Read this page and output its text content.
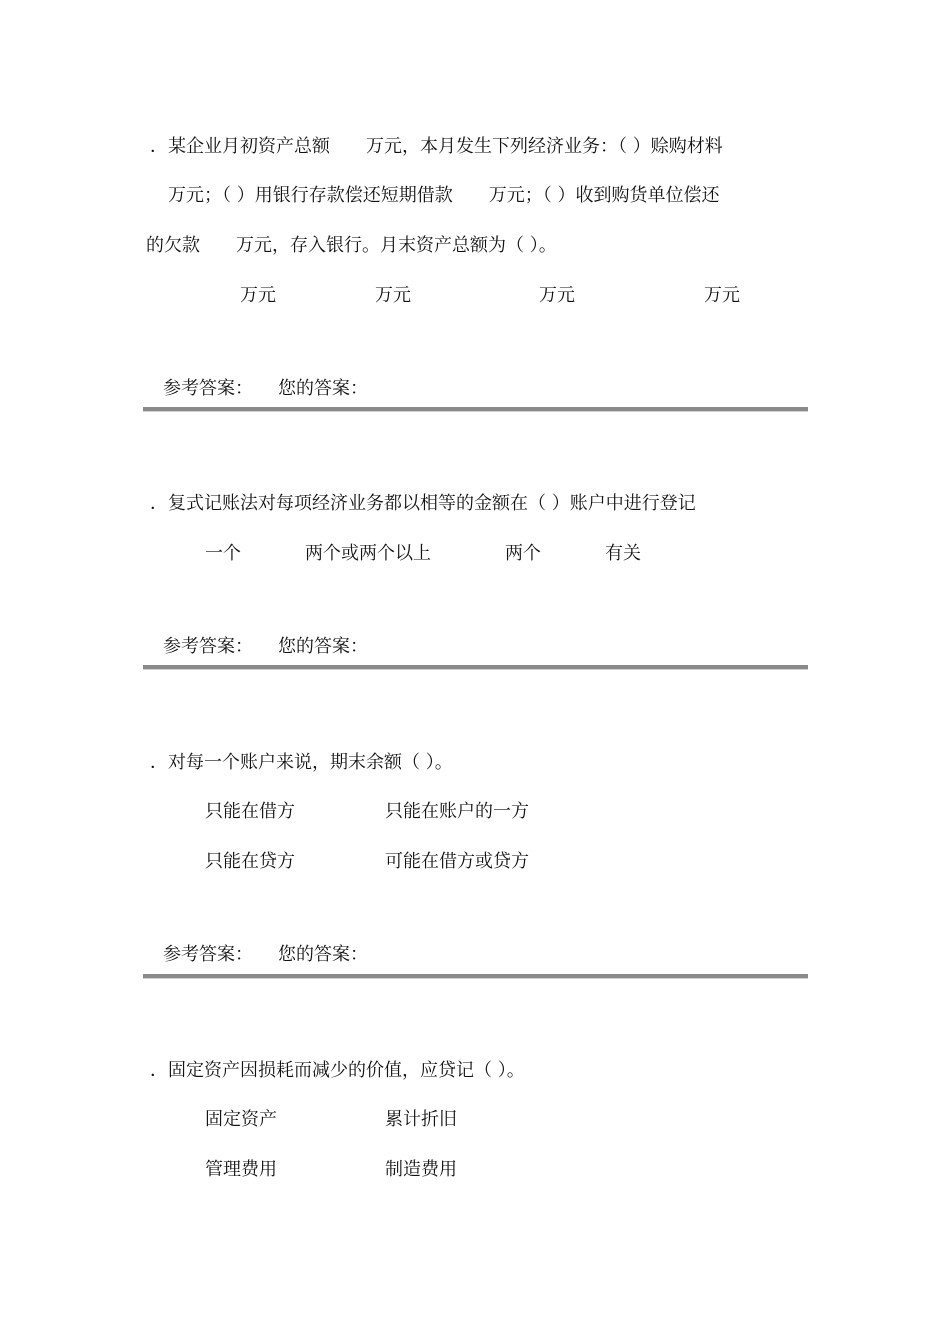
．某企业月初资产总额　　万元，本月发生下列经济业务：（ ）赊购材料
　万元；（ ）用银行存款偿还短期借款　　万元；（ ）收到购货单位偿还
的欠款　　万元，存入银行。月末资产总额为（ ）。
万元	万元	万元	万元
参考答案： 您的答案：
．复式记账法对每项经济业务都以相等的金额在（ ）账户中进行登记
一个	两个或两个以上	两个	有关
参考答案： 您的答案：
．对每一个账户来说，期末余额（ ）。
只能在借方	只能在账户的一方
只能在贷方	可能在借方或贷方
参考答案： 您的答案：
．固定资产因损耗而减少的价值，应贷记（ ）。
固定资产	累计折旧
管理费用	制造费用
